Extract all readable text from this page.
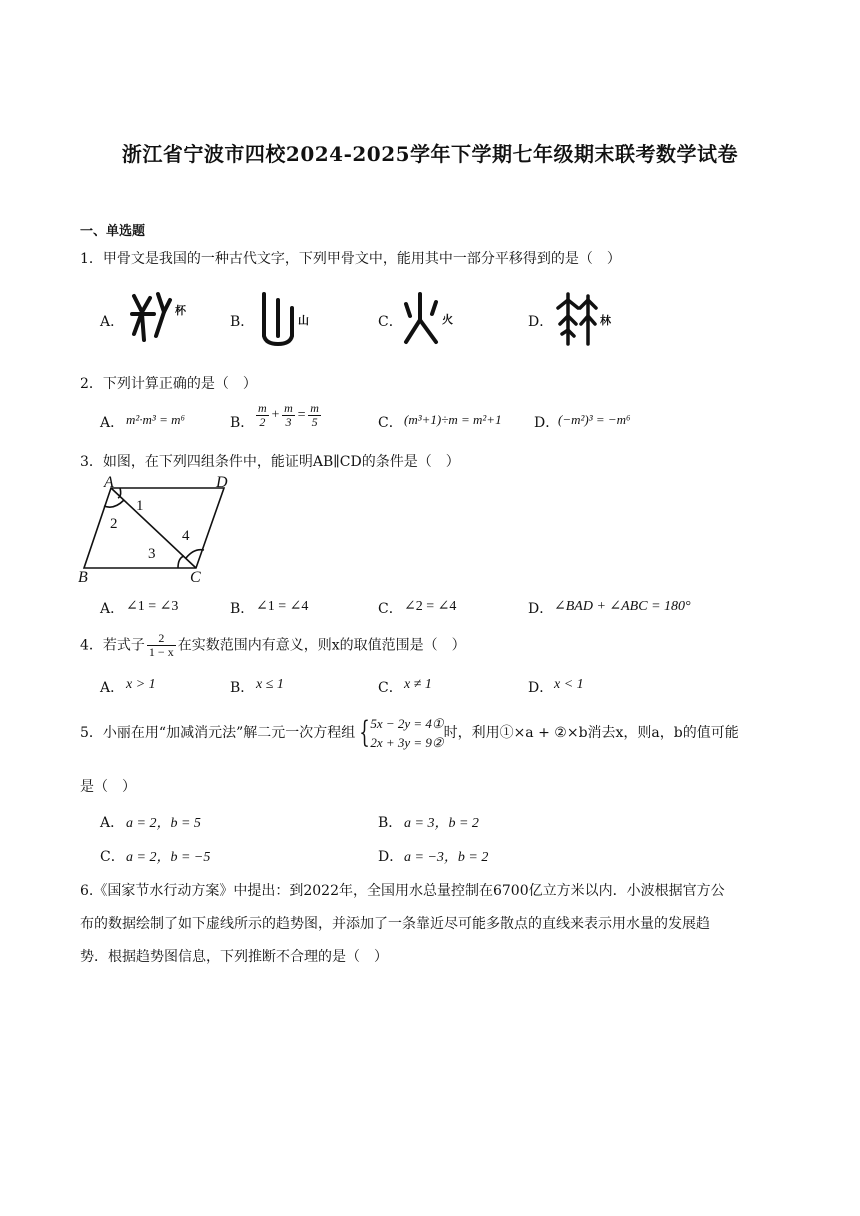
浙江省宁波市四校2024-2025学年下学期七年级期末联考数学试卷
一、单选题
1．甲骨文是我国的一种古代文字，下列甲骨文中，能用其中一部分平移得到的是（　）
A．
杯
B．	山	C．	火	D．	林
2．下列计算正确的是（　）
A． m²·m³ = m⁶	B． $\frac{m}{2} + \frac{m}{3} = \frac{m}{5}$	C． (m³+1)÷m = m²+1 D．
(−m²)³ = −m⁶
3．如图，在下列四组条件中，能证明AB∥CD的条件是（　）
A	D
B	C
1
2
3
4
A． ∠1 = ∠3	B． ∠1 = ∠4	C． ∠2 = ∠4	D． ∠BAD + ∠ABC = 180°
4．若式子 $\frac{2}{1 - x}$ 在实数范围内有意义，则x的取值范围是（　）
A． x > 1	B． x ≤ 1	C． x ≠ 1	D． x < 1
5．小丽在用“加减消元法”解二元一次方程组 { 5x − 2y = 4①
2x + 3y = 9②
时，利用①×a + ②×b消去x，则a，b的值可能
是（　）
A． a = 2，b = 5	B． a = 3，b = 2
C． a = 2，b = −5	D． a = −3，b = 2
6.《国家节水行动方案》中提出：到2022年，全国用水总量控制在6700亿立方米以内．小波根据官方公
布的数据绘制了如下虚线所示的趋势图，并添加了一条靠近尽可能多散点的直线来表示用水量的发展趋
势．根据趋势图信息，下列推断不合理的是（　）
